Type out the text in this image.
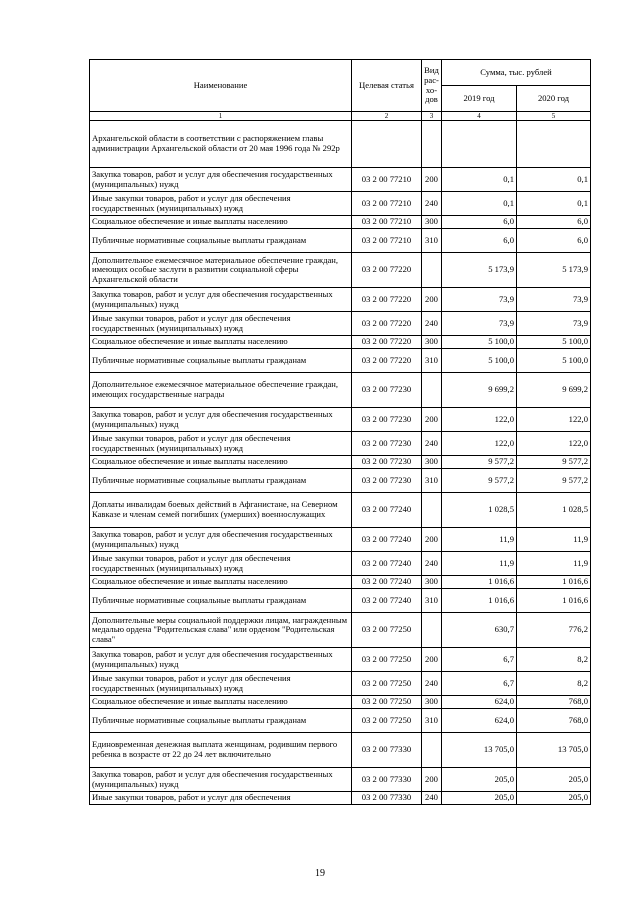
Наименование	Целевая статья	Вид рас- хо- дов	Сумма, тыс. рублей	
			2019 год	2020 год
1	2	3	4	5
Архангельской области в соответствии с распоряжением главы администрации Архангельской области от 20 мая 1996 года № 292р				
Закупка товаров, работ и услуг для обеспечения государственных (муниципальных) нужд	03 2 00 77210	200	0,1	0,1
Иные закупки товаров, работ и услуг для обеспечения государственных (муниципальных) нужд	03 2 00 77210	240	0,1	0,1
Социальное обеспечение и иные выплаты населению	03 2 00 77210	300	6,0	6,0
Публичные нормативные социальные выплаты гражданам	03 2 00 77210	310	6,0	6,0
Дополнительное ежемесячное материальное обеспечение граждан, имеющих особые заслуги в развитии социальной сферы Архангельской области	03 2 00 77220		5 173,9	5 173,9
Закупка товаров, работ и услуг для обеспечения государственных (муниципальных) нужд	03 2 00 77220	200	73,9	73,9
Иные закупки товаров, работ и услуг для обеспечения государственных (муниципальных) нужд	03 2 00 77220	240	73,9	73,9
Социальное обеспечение и иные выплаты населению	03 2 00 77220	300	5 100,0	5 100,0
Публичные нормативные социальные выплаты гражданам	03 2 00 77220	310	5 100,0	5 100,0
Дополнительное ежемесячное материальное обеспечение граждан, имеющих государственные награды	03 2 00 77230		9 699,2	9 699,2
Закупка товаров, работ и услуг для обеспечения государственных (муниципальных) нужд	03 2 00 77230	200	122,0	122,0
Иные закупки товаров, работ и услуг для обеспечения государственных (муниципальных) нужд	03 2 00 77230	240	122,0	122,0
Социальное обеспечение и иные выплаты населению	03 2 00 77230	300	9 577,2	9 577,2
Публичные нормативные социальные выплаты гражданам	03 2 00 77230	310	9 577,2	9 577,2
Доплаты инвалидам боевых действий в Афганистане, на Северном Кавказе и членам семей погибших (умерших) военнослужащих	03 2 00 77240		1 028,5	1 028,5
Закупка товаров, работ и услуг для обеспечения государственных (муниципальных) нужд	03 2 00 77240	200	11,9	11,9
Иные закупки товаров, работ и услуг для обеспечения государственных (муниципальных) нужд	03 2 00 77240	240	11,9	11,9
Социальное обеспечение и иные выплаты населению	03 2 00 77240	300	1 016,6	1 016,6
Публичные нормативные социальные выплаты гражданам	03 2 00 77240	310	1 016,6	1 016,6
Дополнительные меры социальной поддержки лицам, награжденным медалью ордена "Родительская слава" или орденом "Родительская слава"	03 2 00 77250		630,7	776,2
Закупка товаров, работ и услуг для обеспечения государственных (муниципальных) нужд	03 2 00 77250	200	6,7	8,2
Иные закупки товаров, работ и услуг для обеспечения государственных (муниципальных) нужд	03 2 00 77250	240	6,7	8,2
Социальное обеспечение и иные выплаты населению	03 2 00 77250	300	624,0	768,0
Публичные нормативные социальные выплаты гражданам	03 2 00 77250	310	624,0	768,0
Единовременная денежная выплата женщинам, родившим первого ребенка в возрасте от 22 до 24 лет включительно	03 2 00 77330		13 705,0	13 705,0
Закупка товаров, работ и услуг для обеспечения государственных (муниципальных) нужд	03 2 00 77330	200	205,0	205,0
Иные закупки товаров, работ и услуг для обеспечения	03 2 00 77330	240	205,0	205,0
19
